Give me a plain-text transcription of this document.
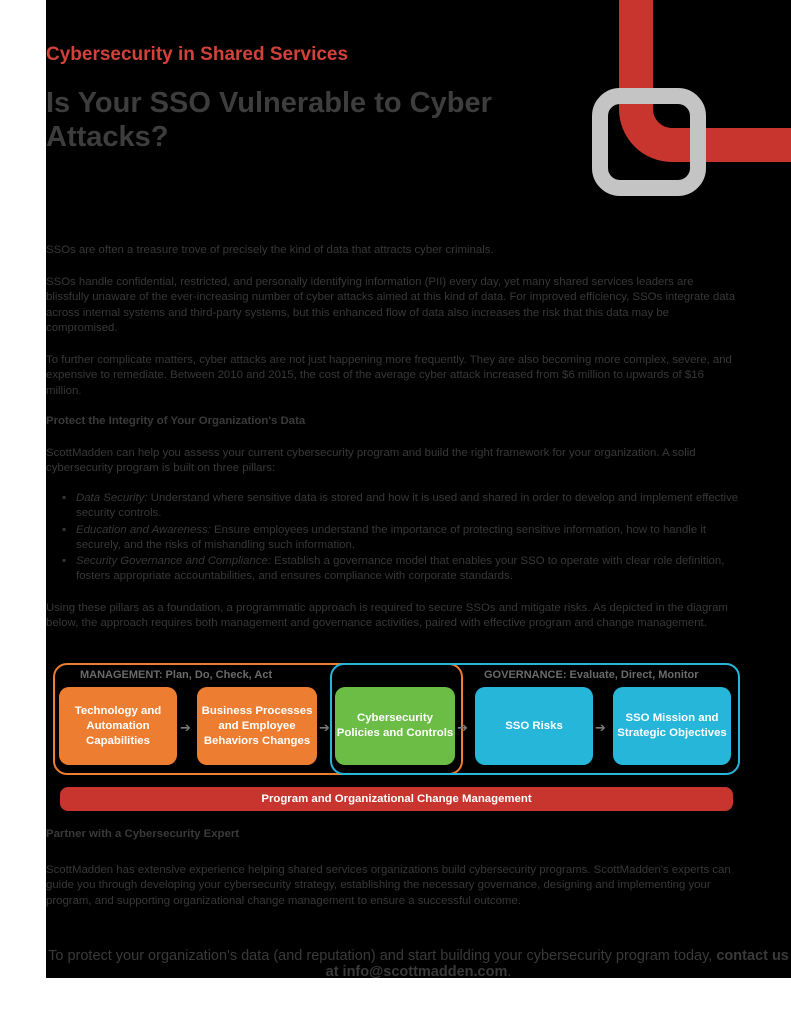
Cybersecurity in Shared Services
Is Your SSO Vulnerable to Cyber Attacks?

SSOs are often a treasure trove of precisely the kind of data that attracts cyber criminals.

SSOs handle confidential, restricted, and personally identifying information (PII) every day, yet many shared services leaders are blissfully unaware of the ever-increasing number of cyber attacks aimed at this kind of data. For improved efficiency, SSOs integrate data across internal systems and third-party systems, but this enhanced flow of data also increases the risk that this data may be compromised.

To further complicate matters, cyber attacks are not just happening more frequently. They are also becoming more complex, severe, and expensive to remediate. Between 2010 and 2015, the cost of the average cyber attack increased from $6 million to upwards of $16 million.

Protect the Integrity of Your Organization's Data

ScottMadden can help you assess your current cybersecurity program and build the right framework for your organization. A solid cybersecurity program is built on three pillars:

▪ Data Security: Understand where sensitive data is stored and how it is used and shared in order to develop and implement effective security controls.
▪ Education and Awareness: Ensure employees understand the importance of protecting sensitive information, how to handle it securely, and the risks of mishandling such information.
▪ Security Governance and Compliance: Establish a governance model that enables your SSO to operate with clear role definition, fosters appropriate accountabilities, and ensures compliance with corporate standards.

Using these pillars as a foundation, a programmatic approach is required to secure SSOs and mitigate risks. As depicted in the diagram below, the approach requires both management and governance activities, paired with effective program and change management.

MANAGEMENT: Plan, Do, Check, Act	GOVERNANCE: Evaluate, Direct, Monitor
Technology and Automation Capabilities
➔
Business Processes and Employee Behaviors Changes
➔
Cybersecurity Policies and Controls ➔	SSO Risks	➔
SSO Mission and Strategic Objectives
Program and Organizational Change Management
Partner with a Cybersecurity Expert

ScottMadden has extensive experience helping shared services organizations build cybersecurity programs. ScottMadden's experts can guide you through developing your cybersecurity strategy, establishing the necessary governance, designing and implementing your program, and supporting organizational change management to ensure a successful outcome.

To protect your organization's data (and reputation) and start building your cybersecurity program today, contact us at info@scottmadden.com.
